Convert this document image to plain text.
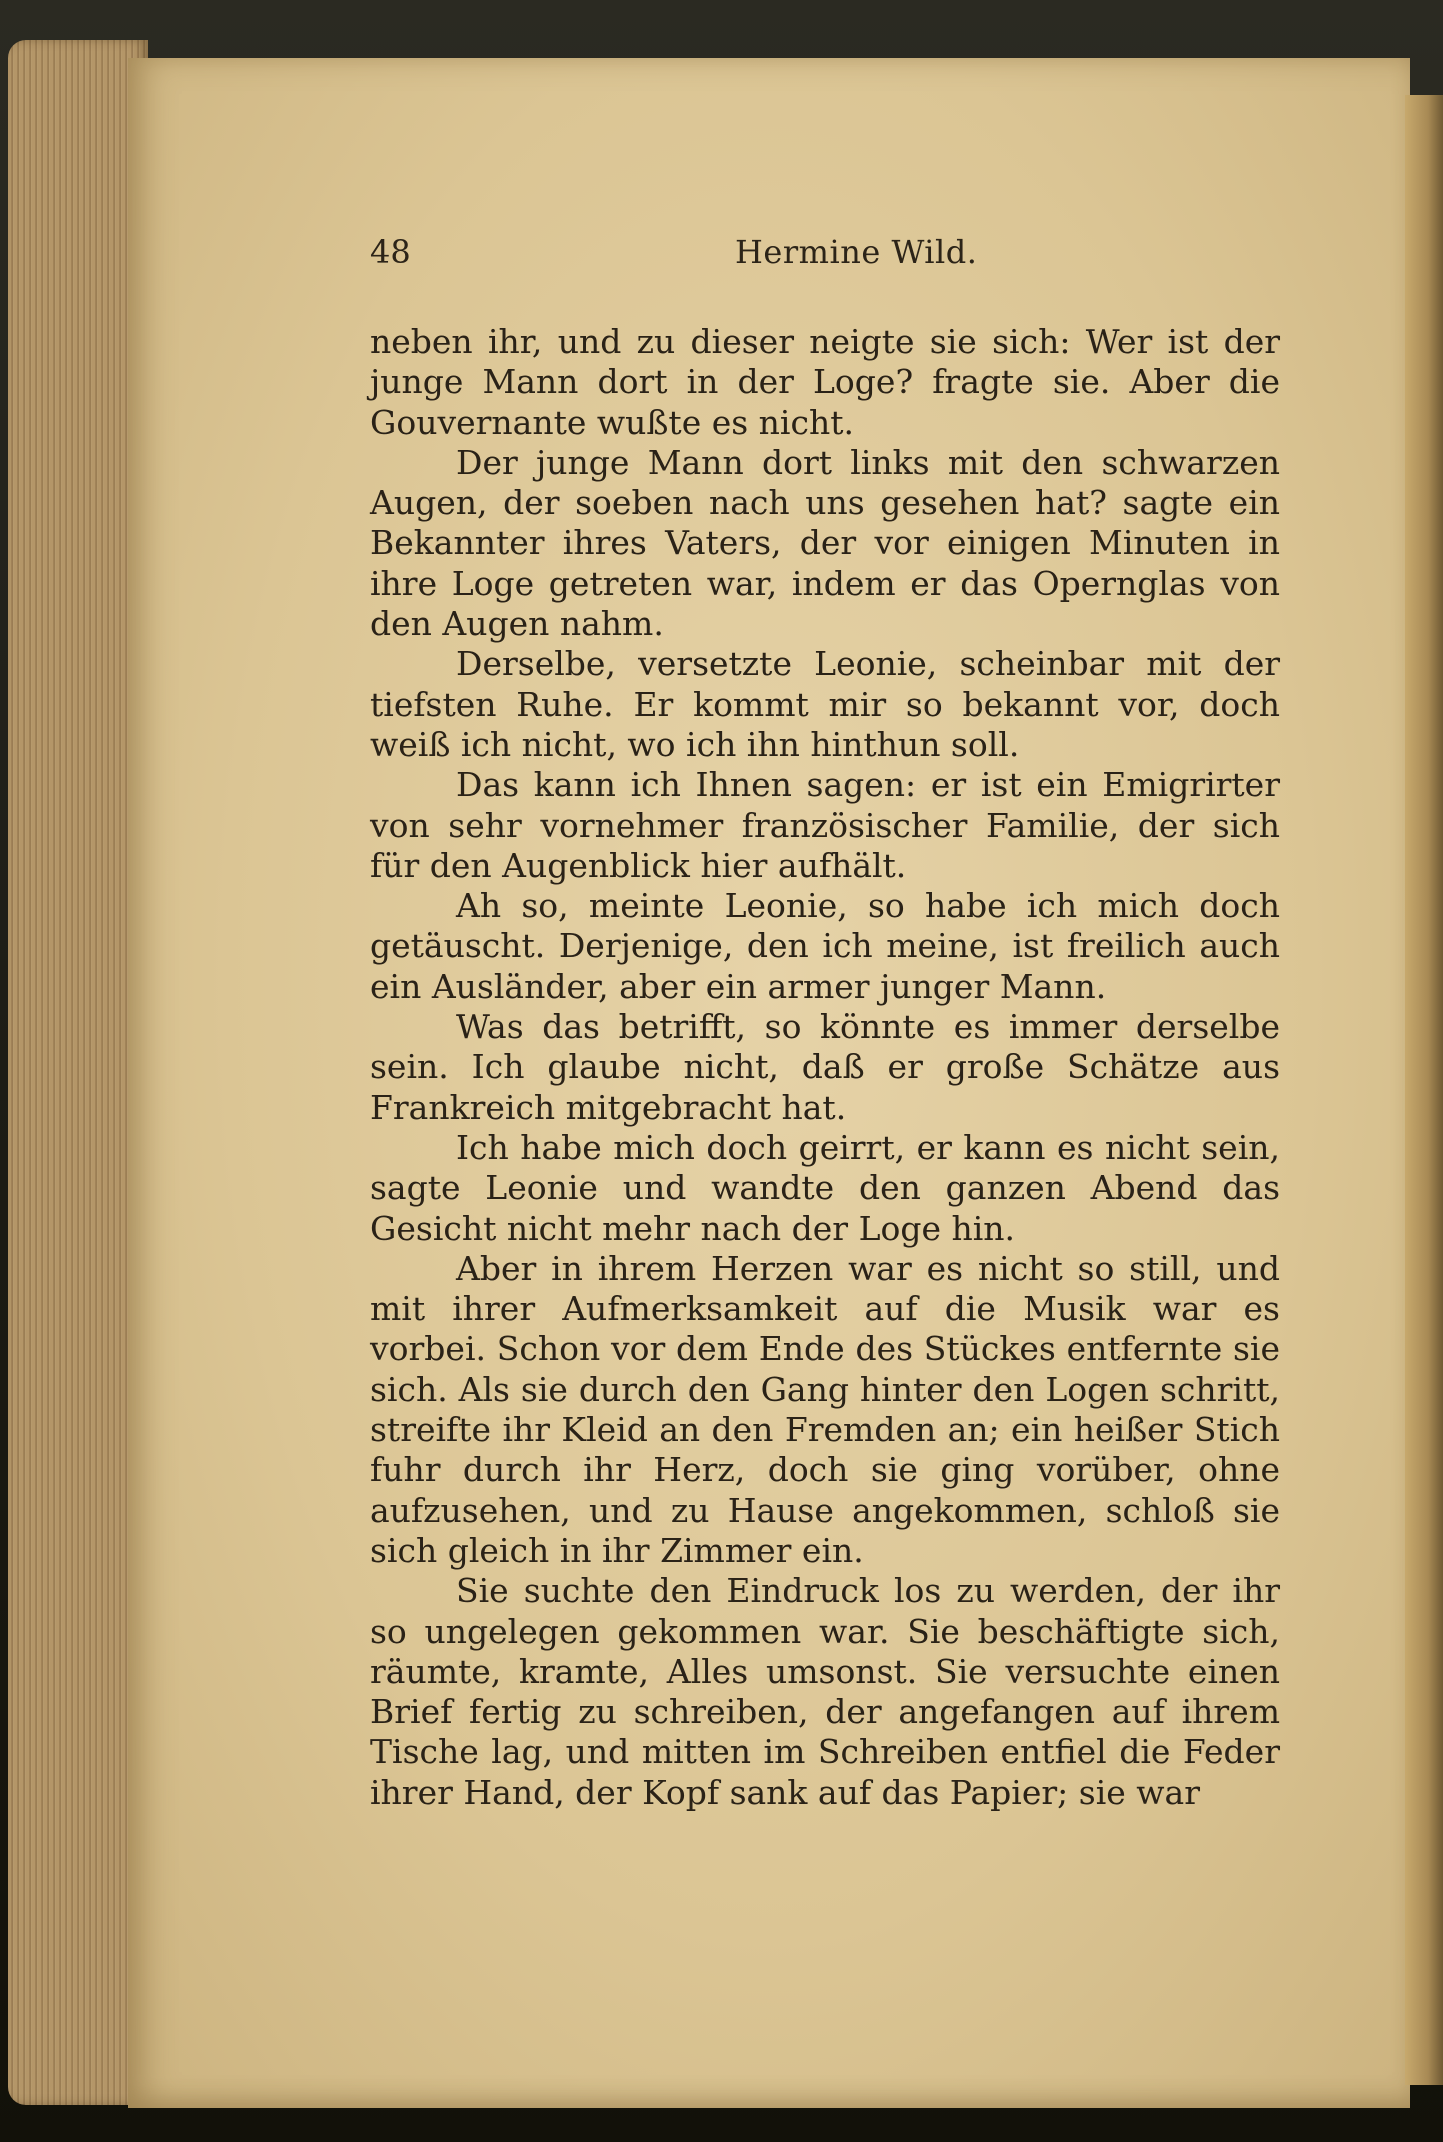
48	Hermine Wild.

neben ihr, und zu dieser neigte sie sich: Wer ist der junge Mann dort in der Loge? fragte sie. Aber die Gouvernante wußte es nicht.

Der junge Mann dort links mit den schwarzen Augen, der soeben nach uns gesehen hat? sagte ein Bekannter ihres Vaters, der vor einigen Minuten in ihre Loge getreten war, indem er das Opernglas von den Augen nahm.

Derselbe, versetzte Leonie, scheinbar mit der tiefsten Ruhe. Er kommt mir so bekannt vor, doch weiß ich nicht, wo ich ihn hinthun soll.

Das kann ich Ihnen sagen: er ist ein Emigrirter von sehr vornehmer französischer Familie, der sich für den Augenblick hier aufhält.

Ah so, meinte Leonie, so habe ich mich doch getäuscht. Derjenige, den ich meine, ist freilich auch ein Ausländer, aber ein armer junger Mann.

Was das betrifft, so könnte es immer derselbe sein. Ich glaube nicht, daß er große Schätze aus Frankreich mitgebracht hat.

Ich habe mich doch geirrt, er kann es nicht sein, sagte Leonie und wandte den ganzen Abend das Gesicht nicht mehr nach der Loge hin.

Aber in ihrem Herzen war es nicht so still, und mit ihrer Aufmerksamkeit auf die Musik war es vorbei. Schon vor dem Ende des Stückes entfernte sie sich. Als sie durch den Gang hinter den Logen schritt, streifte ihr Kleid an den Fremden an; ein heißer Stich fuhr durch ihr Herz, doch sie ging vorüber, ohne aufzusehen, und zu Hause angekommen, schloß sie sich gleich in ihr Zimmer ein.

Sie suchte den Eindruck los zu werden, der ihr so ungelegen gekommen war. Sie beschäftigte sich, räumte, kramte, Alles umsonst. Sie versuchte einen Brief fertig zu schreiben, der angefangen auf ihrem Tische lag, und mitten im Schreiben entfiel die Feder ihrer Hand, der Kopf sank auf das Papier; sie war
